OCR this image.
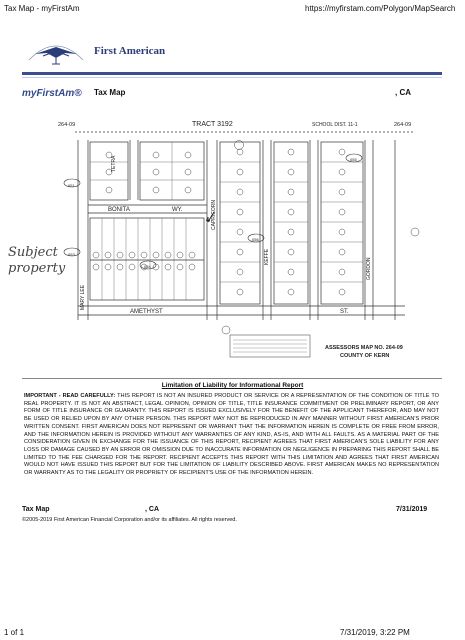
Tax Map - myFirstAm	https://myfirstam.com/Polygon/MapSearch
First American
myFirstAm® Tax Map	, CA
TRACT 3192	SCHOOL DIST. 11-1
264-09	264-09
BONITA	WY.
AMETHYST	ST.
053
051
054
055
056
ASSESSORS MAP NO. 264-09
COUNTY OF KERN
MARY LEE
TETRA
CAPRICORN
KEFFE
GORDON
Subject
property
Limitation of Liability for Informational Report
IMPORTANT - READ CAREFULLY: THIS REPORT IS NOT AN INSURED PRODUCT OR SERVICE OR A REPRESENTATION OF THE CONDITION OF TITLE TO REAL PROPERTY. IT IS NOT AN ABSTRACT, LEGAL OPINION, OPINION OF TITLE, TITLE INSURANCE COMMITMENT OR PRELIMINARY REPORT, OR ANY FORM OF TITLE INSURANCE OR GUARANTY. THIS REPORT IS ISSUED EXCLUSIVELY FOR THE BENEFIT OF THE APPLICANT THEREFOR, AND MAY NOT BE USED OR RELIED UPON BY ANY OTHER PERSON. THIS REPORT MAY NOT BE REPRODUCED IN ANY MANNER WITHOUT FIRST AMERICAN'S PRIOR WRITTEN CONSENT. FIRST AMERICAN DOES NOT REPRESENT OR WARRANT THAT THE INFORMATION HEREIN IS COMPLETE OR FREE FROM ERROR, AND THE INFORMATION HEREIN IS PROVIDED WITHOUT ANY WARRANTIES OF ANY KIND, AS-IS, AND WITH ALL FAULTS. AS A MATERIAL PART OF THE CONSIDERATION GIVEN IN EXCHANGE FOR THE ISSUANCE OF THIS REPORT, RECIPIENT AGREES THAT FIRST AMERICAN'S SOLE LIABILITY FOR ANY LOSS OR DAMAGE CAUSED BY AN ERROR OR OMISSION DUE TO INACCURATE INFORMATION OR NEGLIGENCE IN PREPARING THIS REPORT SHALL BE LIMITED TO THE FEE CHARGED FOR THE REPORT. RECIPIENT ACCEPTS THIS REPORT WITH THIS LIMITATION AND AGREES THAT FIRST AMERICAN WOULD NOT HAVE ISSUED THIS REPORT BUT FOR THE LIMITATION OF LIABILITY DESCRIBED ABOVE. FIRST AMERICAN MAKES NO REPRESENTATION OR WARRANTY AS TO THE LEGALITY OR PROPRIETY OF RECIPIENT'S USE OF THE INFORMATION HEREIN.
Tax Map	, CA	7/31/2019
©2005-2019 First American Financial Corporation and/or its affiliates. All rights reserved.
1 of 1	7/31/2019, 3:22 PM
